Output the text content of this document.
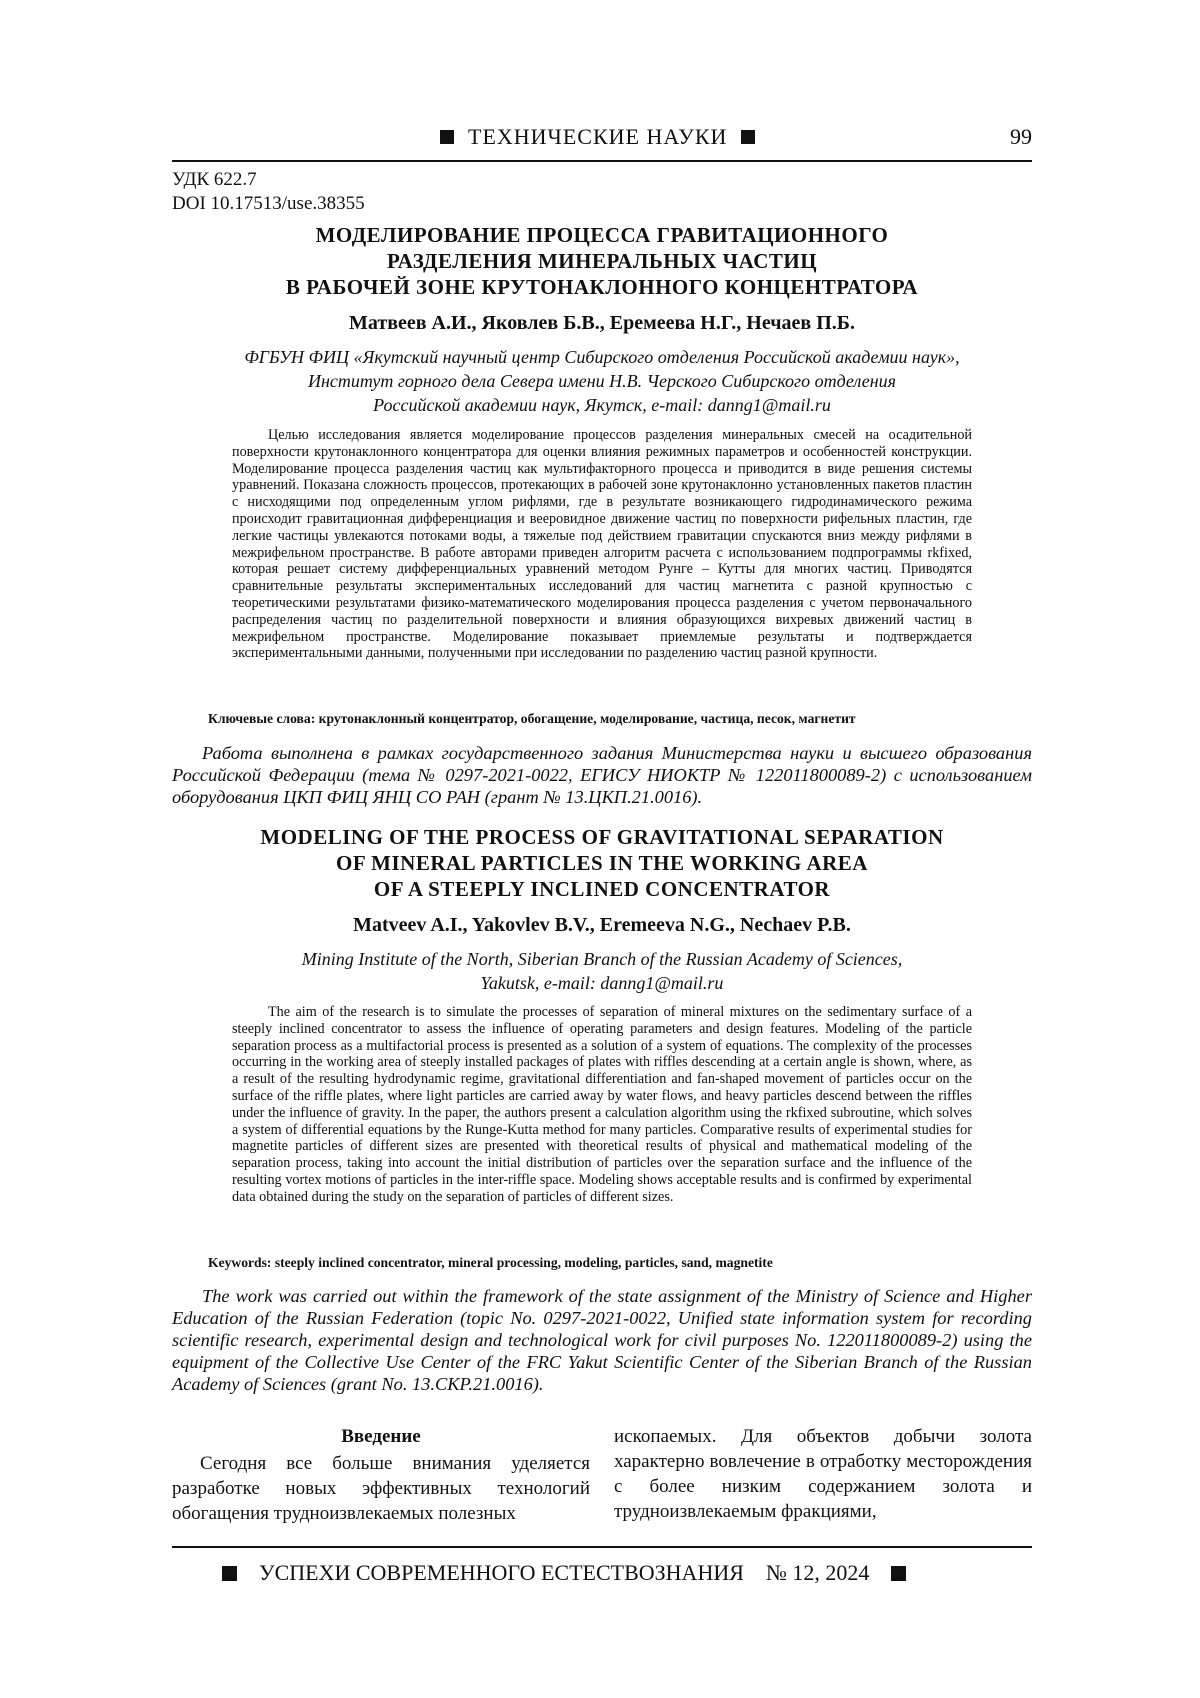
ТЕХНИЧЕСКИЕ НАУКИ	99
УДК 622.7
DOI 10.17513/use.38355
МОДЕЛИРОВАНИЕ ПРОЦЕССА ГРАВИТАЦИОННОГО
РАЗДЕЛЕНИЯ МИНЕРАЛЬНЫХ ЧАСТИЦ
В РАБОЧЕЙ ЗОНЕ КРУТОНАКЛОННОГО КОНЦЕНТРАТОРА
Матвеев А.И., Яковлев Б.В., Еремеева Н.Г., Нечаев П.Б.
ФГБУН ФИЦ «Якутский научный центр Сибирского отделения Российской академии наук»,
Институт горного дела Севера имени Н.В. Черского Сибирского отделения
Российской академии наук, Якутск, e-mail: danng1@mail.ru

Целью исследования является моделирование процессов разделения минеральных смесей на осадительной поверхности крутонаклонного концентратора для оценки влияния режимных параметров и особенностей конструкции. Моделирование процесса разделения частиц как мультифакторного процесса и приводится в виде решения системы уравнений. Показана сложность процессов, протекающих в рабочей зоне крутонаклонно установленных пакетов пластин с нисходящими под определенным углом рифлями, где в результате возникающего гидродинамического режима происходит гравитационная дифференциация и вееровидное движение частиц по поверхности рифельных пластин, где легкие частицы увлекаются потоками воды, а тяжелые под действием гравитации спускаются вниз между рифлями в межрифельном пространстве. В работе авторами приведен алгоритм расчета с использованием подпрограммы rkfixed, которая решает систему дифференциальных уравнений методом Рунге – Кутты для многих частиц. Приводятся сравнительные результаты экспериментальных исследований для частиц магнетита с разной крупностью с теоретическими результатами физико-математического моделирования процесса разделения с учетом первоначального распределения частиц по разделительной поверхности и влияния образующихся вихревых движений частиц в межрифельном пространстве. Моделирование показывает приемлемые результаты и подтверждается экспериментальными данными, полученными при исследовании по разделению частиц разной крупности.

Ключевые слова: крутонаклонный концентратор, обогащение, моделирование, частица, песок, магнетит

Работа выполнена в рамках государственного задания Министерства науки и высшего образования Российской Федерации (тема № 0297-2021-0022, ЕГИСУ НИОКТР № 122011800089-2) с использованием оборудования ЦКП ФИЦ ЯНЦ СО РАН (грант № 13.ЦКП.21.0016).

MODELING OF THE PROCESS OF GRAVITATIONAL SEPARATION
OF MINERAL PARTICLES IN THE WORKING AREA
OF A STEEPLY INCLINED CONCENTRATOR
Matveev A.I., Yakovlev B.V., Eremeeva N.G., Nechaev P.B.
Mining Institute of the North, Siberian Branch of the Russian Academy of Sciences,
Yakutsk, e-mail: danng1@mail.ru

The aim of the research is to simulate the processes of separation of mineral mixtures on the sedimentary surface of a steeply inclined concentrator to assess the influence of operating parameters and design features. Modeling of the particle separation process as a multifactorial process is presented as a solution of a system of equations. The complexity of the processes occurring in the working area of steeply installed packages of plates with riffles descending at a certain angle is shown, where, as a result of the resulting hydrodynamic regime, gravitational differentiation and fan-shaped movement of particles occur on the surface of the riffle plates, where light particles are carried away by water flows, and heavy particles descend between the riffles under the influence of gravity. In the paper, the authors present a calculation algorithm using the rkfixed subroutine, which solves a system of differential equations by the Runge-Kutta method for many particles. Comparative results of experimental studies for magnetite particles of different sizes are presented with theoretical results of physical and mathematical modeling of the separation process, taking into account the initial distribution of particles over the separation surface and the influence of the resulting vortex motions of particles in the inter-riffle space. Modeling shows acceptable results and is confirmed by experimental data obtained during the study on the separation of particles of different sizes.

Keywords: steeply inclined concentrator, mineral processing, modeling, particles, sand, magnetite

The work was carried out within the framework of the state assignment of the Ministry of Science and Higher Education of the Russian Federation (topic No. 0297-2021-0022, Unified state information system for recording scientific research, experimental design and technological work for civil purposes No. 122011800089-2) using the equipment of the Collective Use Center of the FRC Yakut Scientific Center of the Siberian Branch of the Russian Academy of Sciences (grant No. 13.CKP.21.0016).

Введение

Сегодня все больше внимания уделяется разработке новых эффективных технологий обогащения трудноизвлекаемых полезных

ископаемых. Для объектов добычи золота характерно вовлечение в отработку месторождения с более низким содержанием золота и трудноизвлекаемым фракциями,

УСПЕХИ СОВРЕМЕННОГО ЕСТЕСТВОЗНАНИЯ № 12, 2024
